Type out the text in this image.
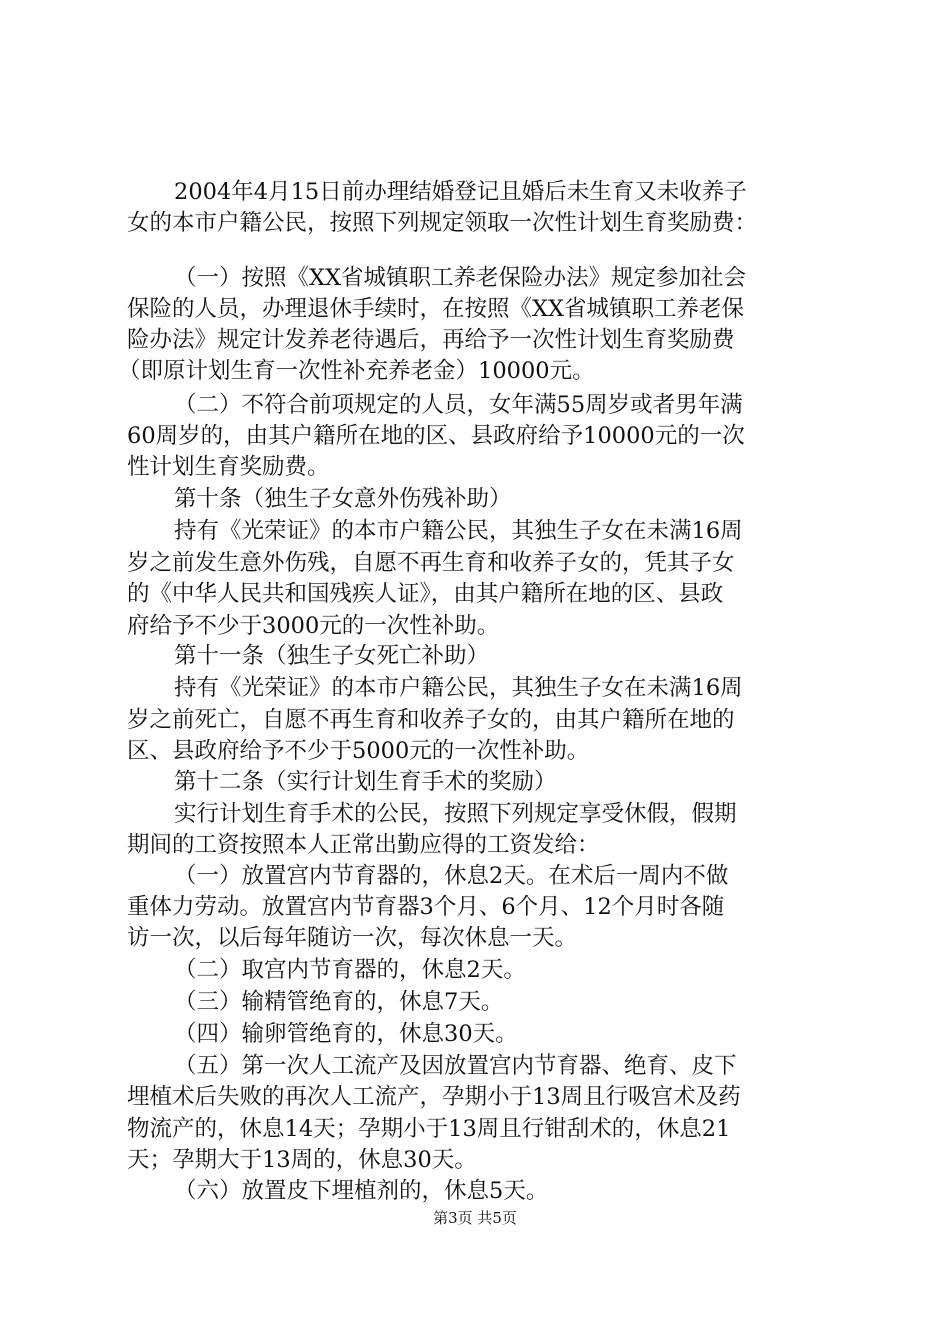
2004年4月15日前办理结婚登记且婚后未生育又未收养子
女的本市户籍公民，按照下列规定领取一次性计划生育奖励费：
（一）按照《XX省城镇职工养老保险办法》规定参加社会
保险的人员，办理退休手续时，在按照《XX省城镇职工养老保
险办法》规定计发养老待遇后，再给予一次性计划生育奖励费
（即原计划生育一次性补充养老金）10000元。
（二）不符合前项规定的人员，女年满55周岁或者男年满
60周岁的，由其户籍所在地的区、县政府给予10000元的一次
性计划生育奖励费。
第十条（独生子女意外伤残补助）
持有《光荣证》的本市户籍公民，其独生子女在未满16周
岁之前发生意外伤残，自愿不再生育和收养子女的，凭其子女
的《中华人民共和国残疾人证》，由其户籍所在地的区、县政
府给予不少于3000元的一次性补助。
第十一条（独生子女死亡补助）
持有《光荣证》的本市户籍公民，其独生子女在未满16周
岁之前死亡，自愿不再生育和收养子女的，由其户籍所在地的
区、县政府给予不少于5000元的一次性补助。
第十二条（实行计划生育手术的奖励）
实行计划生育手术的公民，按照下列规定享受休假，假期
期间的工资按照本人正常出勤应得的工资发给：
（一）放置宫内节育器的，休息2天。在术后一周内不做
重体力劳动。放置宫内节育器3个月、6个月、12个月时各随
访一次，以后每年随访一次，每次休息一天。
（二）取宫内节育器的，休息2天。
（三）输精管绝育的，休息7天。
（四）输卵管绝育的，休息30天。
（五）第一次人工流产及因放置宫内节育器、绝育、皮下
埋植术后失败的再次人工流产，孕期小于13周且行吸宫术及药
物流产的，休息14天；孕期小于13周且行钳刮术的，休息21
天；孕期大于13周的，休息30天。
（六）放置皮下埋植剂的，休息5天。
第3页 共5页
